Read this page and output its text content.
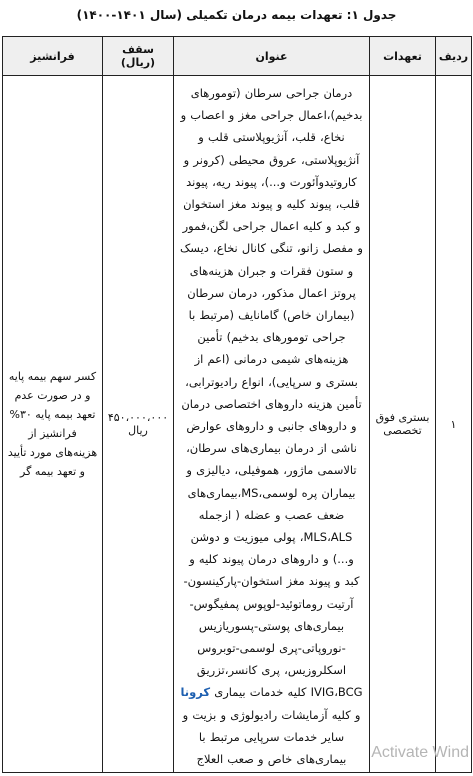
جدول ۱: تعهدات بیمه درمان تکمیلی (سال ۱۴۰۱-۱۴۰۰)
ردیف	تعهدات	عنوان	سقف (ریال)	فرانشیز
۱	بستری فوق تخصصی	درمان جراحی سرطان (تومورهای بدخیم)،اعمال جراحی مغز و اعصاب و نخاع، قلب، آنژیوپلاستی قلب و آنژیوپلاستی، عروق محیطی (کرونر و کاروتیدوآئورت و...)، پیوند ریه، پیوند قلب، پیوند کلیه و پیوند مغز استخوان و کبد و کلیه اعمال جراحی لگن،فمور و مفصل زانو، تنگی کانال نخاع، دیسک و ستون فقرات و جبران هزینه‌های پروتز اعمال مذکور، درمان سرطان (بیماران خاص) گامانایف (مرتبط با جراحی تومورهای بدخیم) تأمین هزینه‌های شیمی درمانی (اعم از بستری و سرپایی)، انواع رادیوترابی، تأمین هزینه داروهای اختصاصی درمان و داروهای جانبی و داروهای عوارض ناشی از درمان بیماری‌های سرطان، تالاسمی ماژور، هموفیلی، دیالیزی و بیماران پره لوسمی،MS،بیماری‌های ضعف عصب و عضله ( ازجمله MLS،ALS، پولی میوزیت و دوشن و...) و داروهای درمان پیوند کلیه و کبد و پیوند مغز استخوان-پارکینسون- آرتیت روماتوئید-لوپوس پمفیگوس- بیماری‌های پوستی-پسوریازیس -نوروپاتی-پری لوسمی-توبروس اسکلروزیس، پری کانسر،تزریق IVIG،BCG کلیه خدمات بیماری کرونا و کلیه آزمایشات رادیولوژی و بزیت و سایر خدمات سرپایی مرتبط با بیماری‌های خاص و صعب العلاج	۴۵۰،۰۰۰،۰۰۰ ریال	کسر سهم بیمه پایه و در صورت عدم تعهد بیمه پایه ۳۰% فرانشیز از هزینه‌های مورد تأیید و تعهد بیمه گر
Activate Wind
